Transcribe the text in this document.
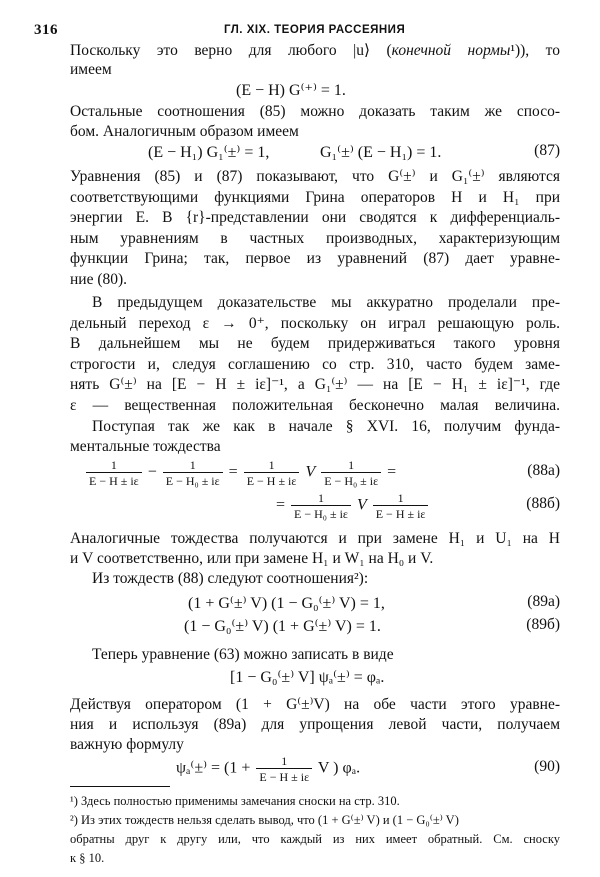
316	ГЛ. XIX. ТЕОРИЯ РАССЕЯНИЯ
Поскольку это верно для любого |u⟩ (конечной нормы¹)), то
имеем
(E − H) G⁽⁺⁾ = 1.
Остальные соотношения (85) можно доказать таким же спосо-
бом. Аналогичным образом имеем
(E − H₁) G₁⁽±⁾ = 1,	G₁⁽±⁾ (E − H₁) = 1.	(87)
Уравнения (85) и (87) показывают, что G⁽±⁾ и G₁⁽±⁾ являются
соответствующими функциями Грина операторов H и H₁ при
энергии E. В {r}-представлении они сводятся к дифференциаль-
ным уравнениям в частных производных, характеризующим
функции Грина; так, первое из уравнений (87) дает уравне-
ние (80).
В предыдущем доказательстве мы аккуратно проделали пре-
дельный переход ε → 0⁺, поскольку он играл решающую роль.
В дальнейшем мы не будем придерживаться такого уровня
строгости и, следуя соглашению со стр. 310, часто будем заме-
нять G⁽±⁾ на [E − H ± iε]⁻¹, а G₁⁽±⁾ — на [E − H₁ ± iε]⁻¹, где
ε — вещественная положительная бесконечно малая величина.
Поступая так же как в начале § XVI. 16, получим фунда-
ментальные тождества
$\frac{1}{E - H \pm i\varepsilon} - \frac{1}{\text{E − H₀ ± iε}} = \frac{1}{E - H \pm i\varepsilon}$ V $\frac{1}{\text{E − H₀ ± iε}}$ =	(88a)
= $\frac{1}{\text{E − H₀ ± iε}}$ V $\frac{1}{E - H \pm i\varepsilon}$	(88б)
Аналогичные тождества получаются и при замене H₁ и U₁ на H
и V соответственно, или при замене H₁ и W₁ на H₀ и V.
Из тождеств (88) следуют соотношения²):
(1 + G⁽±⁾ V) (1 − G₀⁽±⁾ V) = 1,	(89a)
(1 − G₀⁽±⁾ V) (1 + G⁽±⁾ V) = 1.	(89б)
Теперь уравнение (63) можно записать в виде
[1 − G₀⁽±⁾ V] ψₐ⁽±⁾ = φₐ.
¹) Здесь полностью применимы замечания сноски на стр. 310.
²) Из этих тождеств нельзя сделать вывод, что (1 + G⁽±⁾ V) и (1 − G₀⁽±⁾ V)
обратны друг к другу или, что каждый из них имеет обратный. См. сноску
к § 10.
Действуя оператором (1 + G⁽±⁾V) на обе части этого уравне-
ния и используя (89а) для упрощения левой части, получаем
важную формулу
$\psi_a^(\pm^) = (1 + \frac{1}{E - H \pm i\varepsilon}$ V ) φₐ.	(90)
